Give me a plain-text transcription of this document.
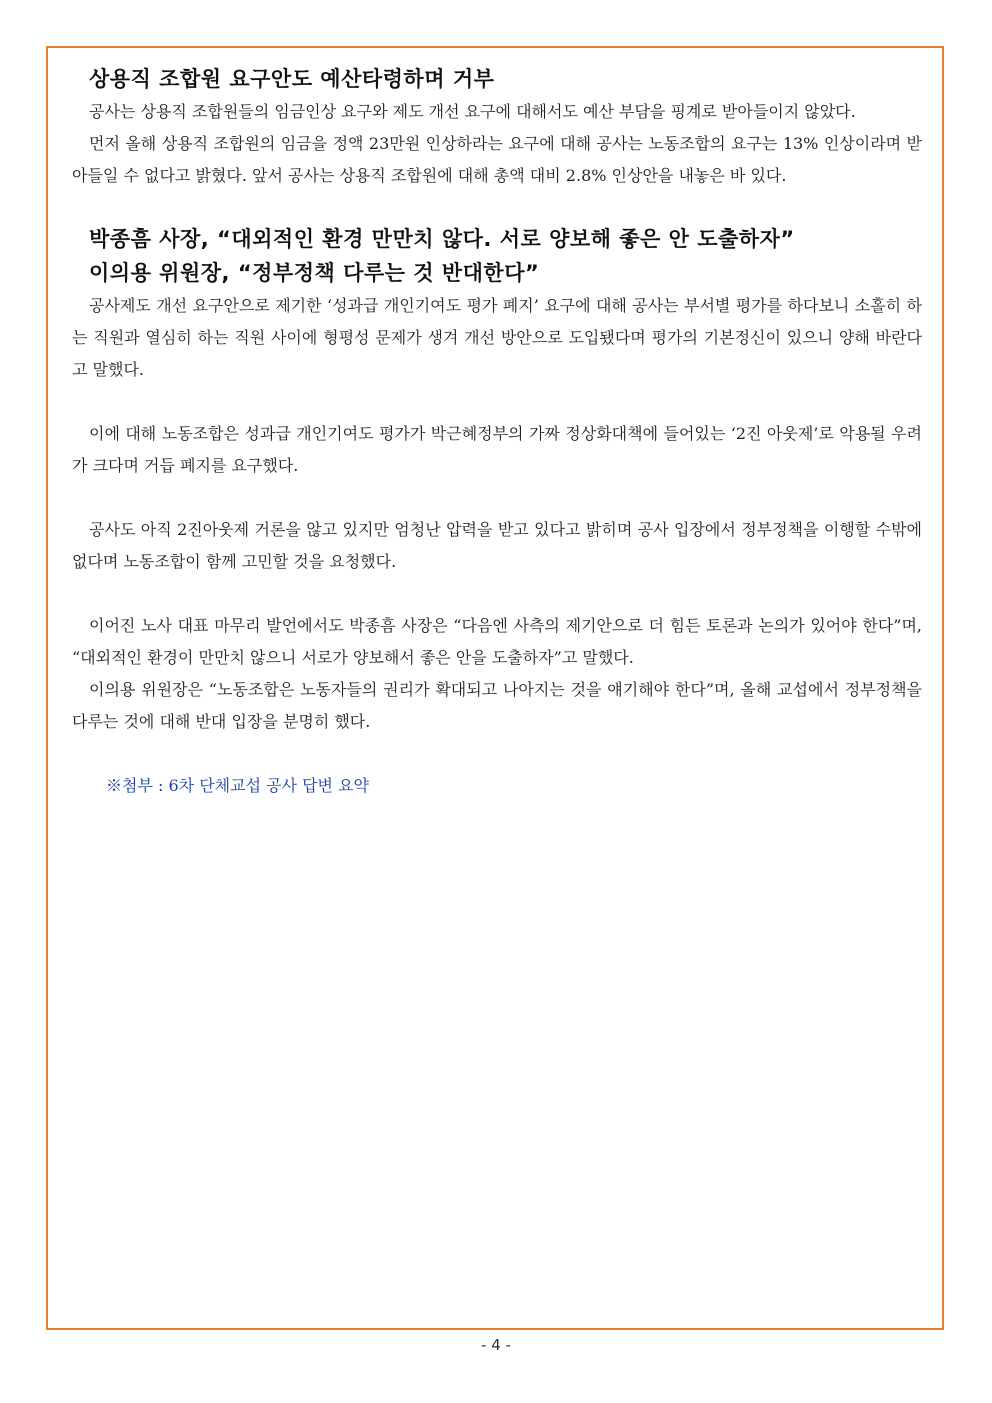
상용직 조합원 요구안도 예산타령하며 거부

공사는 상용직 조합원들의 임금인상 요구와 제도 개선 요구에 대해서도 예산 부담을 핑계로 받아들이지 않았다.

먼저 올해 상용직 조합원의 임금을 정액 23만원 인상하라는 요구에 대해 공사는 노동조합의 요구는 13% 인상이라며 받아들일 수 없다고 밝혔다. 앞서 공사는 상용직 조합원에 대해 총액 대비 2.8% 인상안을 내놓은 바 있다.

박종흠 사장, “대외적인 환경 만만치 않다. 서로 양보해 좋은 안 도출하자”
이의용 위원장, “정부정책 다루는 것 반대한다”

공사제도 개선 요구안으로 제기한 ‘성과급 개인기여도 평가 폐지’ 요구에 대해 공사는 부서별 평가를 하다보니 소홀히 하는 직원과 열심히 하는 직원 사이에 형평성 문제가 생겨 개선 방안으로 도입됐다며 평가의 기본정신이 있으니 양해 바란다고 말했다.

이에 대해 노동조합은 성과급 개인기여도 평가가 박근혜정부의 가짜 정상화대책에 들어있는 ‘2진 아웃제’로 악용될 우려가 크다며 거듭 폐지를 요구했다.

공사도 아직 2진아웃제 거론을 않고 있지만 엄청난 압력을 받고 있다고 밝히며 공사 입장에서 정부정책을 이행할 수밖에 없다며 노동조합이 함께 고민할 것을 요청했다.

이어진 노사 대표 마무리 발언에서도 박종흠 사장은 “다음엔 사측의 제기안으로 더 힘든 토론과 논의가 있어야 한다”며, “대외적인 환경이 만만치 않으니 서로가 양보해서 좋은 안을 도출하자”고 말했다.

이의용 위원장은 “노동조합은 노동자들의 권리가 확대되고 나아지는 것을 얘기해야 한다”며, 올해 교섭에서 정부정책을 다루는 것에 대해 반대 입장을 분명히 했다.

※첨부 : 6차 단체교섭 공사 답변 요약

- 4 -
